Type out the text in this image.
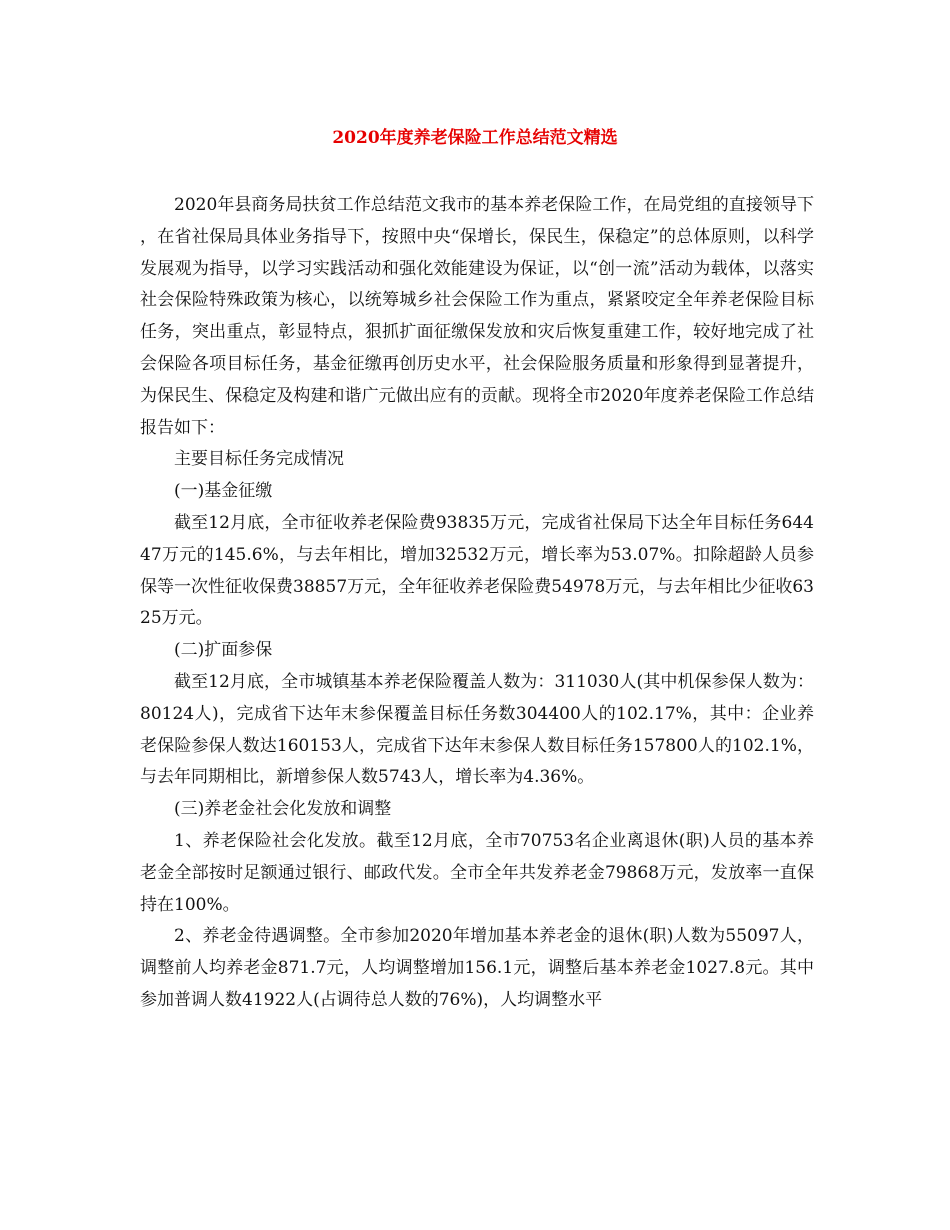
2020年度养老保险工作总结范文精选

2020年县商务局扶贫工作总结范文我市的基本养老保险工作，在局党组的直接领导下，在省社保局具体业务指导下，按照中央“保增长，保民生，保稳定”的总体原则，以科学发展观为指导，以学习实践活动和强化效能建设为保证，以“创一流”活动为载体，以落实社会保险特殊政策为核心，以统筹城乡社会保险工作为重点，紧紧咬定全年养老保险目标任务，突出重点，彰显特点，狠抓扩面征缴保发放和灾后恢复重建工作，较好地完成了社会保险各项目标任务，基金征缴再创历史水平，社会保险服务质量和形象得到显著提升，为保民生、保稳定及构建和谐广元做出应有的贡献。现将全市2020年度养老保险工作总结报告如下：

主要目标任务完成情况

(一)基金征缴

截至12月底，全市征收养老保险费93835万元，完成省社保局下达全年目标任务64447万元的145.6%，与去年相比，增加32532万元，增长率为53.07%。扣除超龄人员参保等一次性征收保费38857万元，全年征收养老保险费54978万元，与去年相比少征收6325万元。

(二)扩面参保

截至12月底，全市城镇基本养老保险覆盖人数为：311030人(其中机保参保人数为：80124人)，完成省下达年末参保覆盖目标任务数304400人的102.17%，其中：企业养老保险参保人数达160153人，完成省下达年末参保人数目标任务157800人的102.1%，与去年同期相比，新增参保人数5743人，增长率为4.36%。

(三)养老金社会化发放和调整

1、养老保险社会化发放。截至12月底，全市70753名企业离退休(职)人员的基本养老金全部按时足额通过银行、邮政代发。全市全年共发养老金79868万元，发放率一直保持在100%。

2、养老金待遇调整。全市参加2020年增加基本养老金的退休(职)人数为55097人，调整前人均养老金871.7元，人均调整增加156.1元，调整后基本养老金1027.8元。其中参加普调人数41922人(占调待总人数的76%)，人均调整水平
